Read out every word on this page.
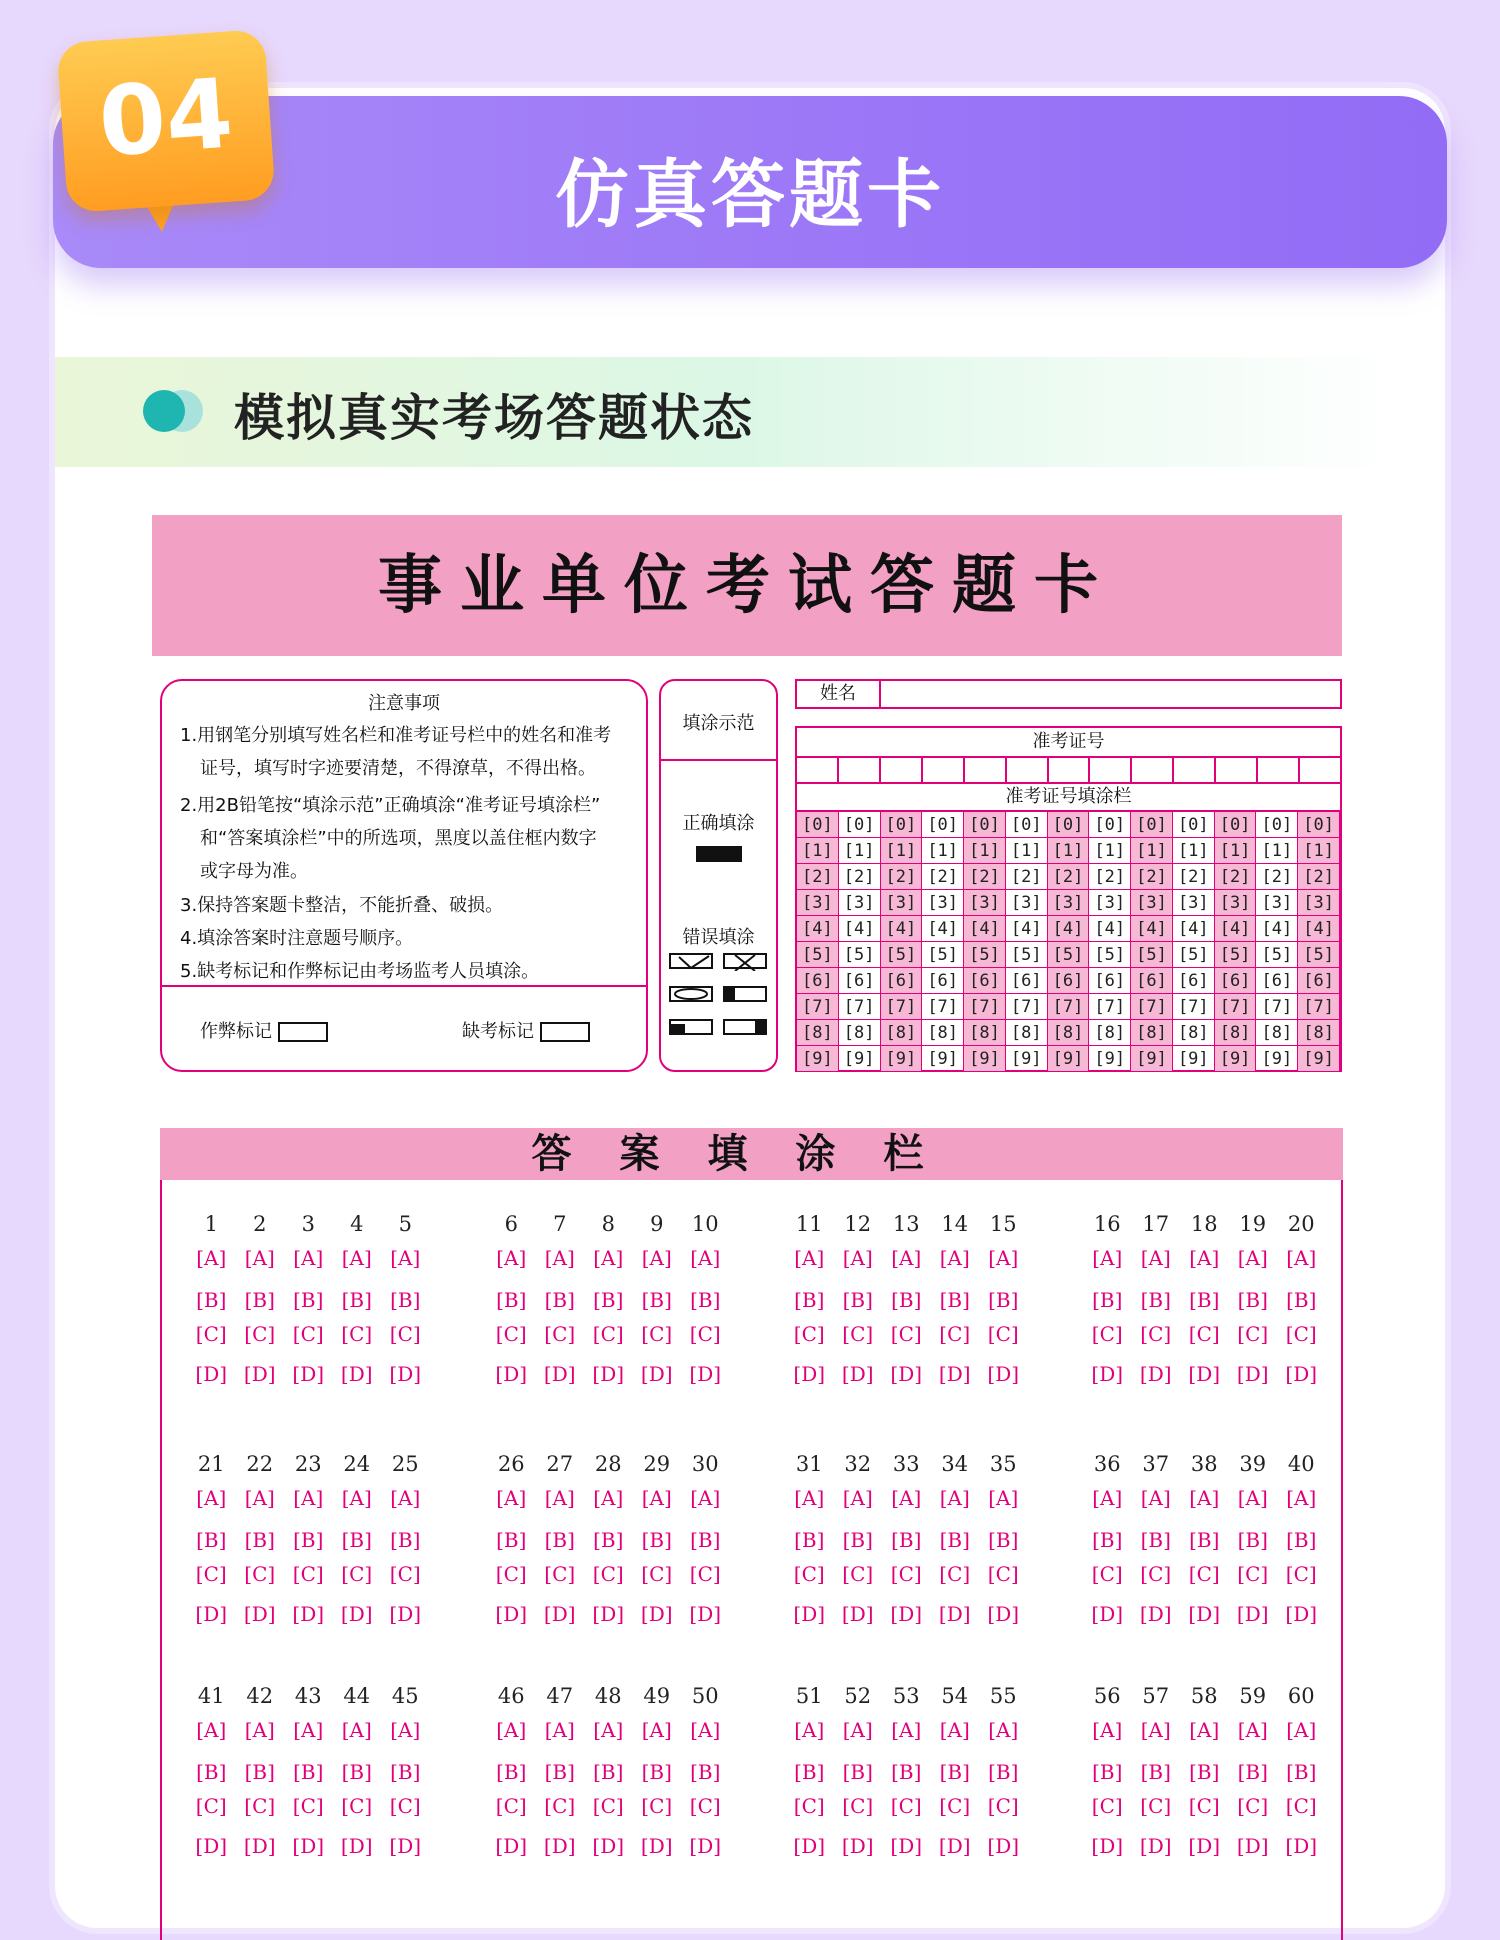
仿真答题卡
04
模拟真实考场答题状态
事业单位考试答题卡
注意事项
1.用钢笔分别填写姓名栏和准考证号栏中的姓名和准考
证号，填写时字迹要清楚，不得潦草，不得出格。
2.用2B铅笔按“填涂示范”正确填涂“准考证号填涂栏”
和“答案填涂栏”中的所选项，黑度以盖住框内数字
或字母为准。
3.保持答案题卡整洁，不能折叠、破损。
4.填涂答案时注意题号顺序。
5.缺考标记和作弊标记由考场监考人员填涂。
作弊标记	缺考标记
填涂示范
正确填涂
错误填涂
姓名
准考证号
准考证号填涂栏
[0] [0] [0] [0] [0] [0] [0] [0] [0] [0] [0] [0] [0]
[1] [1] [1] [1] [1] [1] [1] [1] [1] [1] [1] [1] [1]
[2] [2] [2] [2] [2] [2] [2] [2] [2] [2] [2] [2] [2]
[3] [3] [3] [3] [3] [3] [3] [3] [3] [3] [3] [3] [3]
[4] [4] [4] [4] [4] [4] [4] [4] [4] [4] [4] [4] [4]
[5] [5] [5] [5] [5] [5] [5] [5] [5] [5] [5] [5] [5]
[6] [6] [6] [6] [6] [6] [6] [6] [6] [6] [6] [6] [6]
[7] [7] [7] [7] [7] [7] [7] [7] [7] [7] [7] [7] [7]
[8] [8] [8] [8] [8] [8] [8] [8] [8] [8] [8] [8] [8]
[9] [9] [9] [9] [9] [9] [9] [9] [9] [9] [9] [9] [9]
答案填涂栏
1	2	3	4	5
[A] [A] [A] [A] [A]
[B] [B] [B] [B] [B]
[C] [C] [C] [C] [C]
[D] [D] [D] [D] [D]
6	7	8	9	10
[A] [A] [A] [A] [A]
[B] [B] [B] [B] [B]
[C] [C] [C] [C] [C]
[D] [D] [D] [D] [D]
11	12	13	14	15
[A] [A] [A] [A] [A]
[B] [B] [B] [B] [B]
[C] [C] [C] [C] [C]
[D] [D] [D] [D] [D]
16	17	18	19	20
[A] [A] [A] [A] [A]
[B] [B] [B] [B] [B]
[C] [C] [C] [C] [C]
[D] [D] [D] [D] [D]
21	22	23	24	25
[A] [A] [A] [A] [A]
[B] [B] [B] [B] [B]
[C] [C] [C] [C] [C]
[D] [D] [D] [D] [D]
26	27	28	29	30
[A] [A] [A] [A] [A]
[B] [B] [B] [B] [B]
[C] [C] [C] [C] [C]
[D] [D] [D] [D] [D]
31	32	33	34	35
[A] [A] [A] [A] [A]
[B] [B] [B] [B] [B]
[C] [C] [C] [C] [C]
[D] [D] [D] [D] [D]
36	37	38	39	40
[A] [A] [A] [A] [A]
[B] [B] [B] [B] [B]
[C] [C] [C] [C] [C]
[D] [D] [D] [D] [D]
41	42	43	44	45
[A] [A] [A] [A] [A]
[B] [B] [B] [B] [B]
[C] [C] [C] [C] [C]
[D] [D] [D] [D] [D]
46	47	48	49	50
[A] [A] [A] [A] [A]
[B] [B] [B] [B] [B]
[C] [C] [C] [C] [C]
[D] [D] [D] [D] [D]
51	52	53	54	55
[A] [A] [A] [A] [A]
[B] [B] [B] [B] [B]
[C] [C] [C] [C] [C]
[D] [D] [D] [D] [D]
56	57	58	59	60
[A] [A] [A] [A] [A]
[B] [B] [B] [B] [B]
[C] [C] [C] [C] [C]
[D] [D] [D] [D] [D]
